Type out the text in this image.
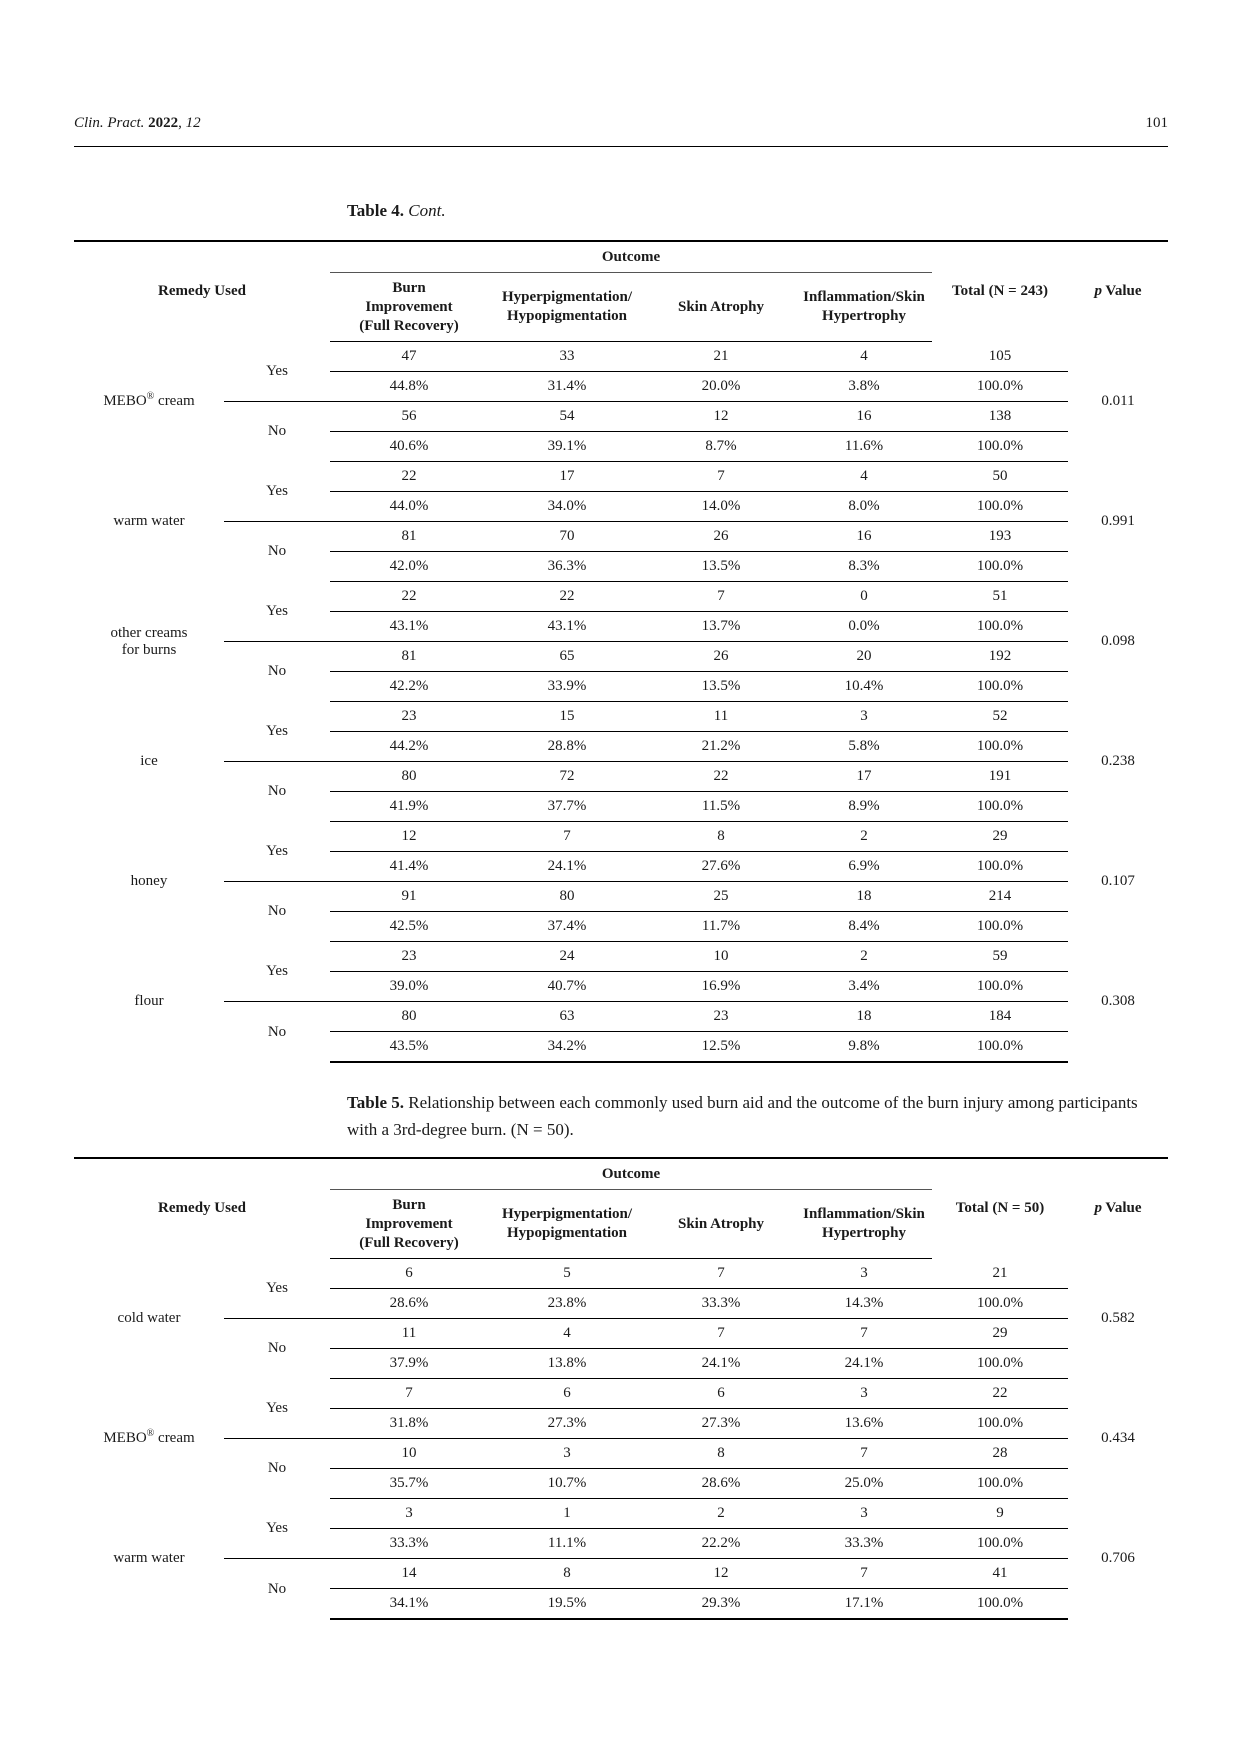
Clin. Pract. 2022, 12	101
Table 4. Cont.
Remedy Used		Outcome				Total (N = 243)	p Value
		Burn
Improvement
(Full Recovery)	Hyperpigmentation/
Hypopigmentation	Skin Atrophy	Inflammation/Skin
Hypertrophy		
MEBO® cream	Yes	47	33	21	4	105	0.011
		44.8%	31.4%	20.0%	3.8%	100.0%	
	No	56	54	12	16	138	
		40.6%	39.1%	8.7%	11.6%	100.0%	
warm water	Yes	22	17	7	4	50	0.991
		44.0%	34.0%	14.0%	8.0%	100.0%	
	No	81	70	26	16	193	
		42.0%	36.3%	13.5%	8.3%	100.0%	
other creams
for burns	Yes	22	22	7	0	51	0.098
		43.1%	43.1%	13.7%	0.0%	100.0%	
	No	81	65	26	20	192	
		42.2%	33.9%	13.5%	10.4%	100.0%	
ice	Yes	23	15	11	3	52	0.238
		44.2%	28.8%	21.2%	5.8%	100.0%	
	No	80	72	22	17	191	
		41.9%	37.7%	11.5%	8.9%	100.0%	
honey	Yes	12	7	8	2	29	0.107
		41.4%	24.1%	27.6%	6.9%	100.0%	
	No	91	80	25	18	214	
		42.5%	37.4%	11.7%	8.4%	100.0%	
flour	Yes	23	24	10	2	59	0.308
		39.0%	40.7%	16.9%	3.4%	100.0%	
	No	80	63	23	18	184	
		43.5%	34.2%	12.5%	9.8%	100.0%	
Table 5. Relationship between each commonly used burn aid and the outcome of the burn injury among participants with a 3rd-degree burn. (N = 50).
Remedy Used		Outcome				Total (N = 50)	p Value
		Burn
Improvement
(Full Recovery)	Hyperpigmentation/
Hypopigmentation	Skin Atrophy	Inflammation/Skin
Hypertrophy		
cold water	Yes	6	5	7	3	21	0.582
		28.6%	23.8%	33.3%	14.3%	100.0%	
	No	11	4	7	7	29	
		37.9%	13.8%	24.1%	24.1%	100.0%	
MEBO® cream	Yes	7	6	6	3	22	0.434
		31.8%	27.3%	27.3%	13.6%	100.0%	
	No	10	3	8	7	28	
		35.7%	10.7%	28.6%	25.0%	100.0%	
warm water	Yes	3	1	2	3	9	0.706
		33.3%	11.1%	22.2%	33.3%	100.0%	
	No	14	8	12	7	41	
		34.1%	19.5%	29.3%	17.1%	100.0%	
